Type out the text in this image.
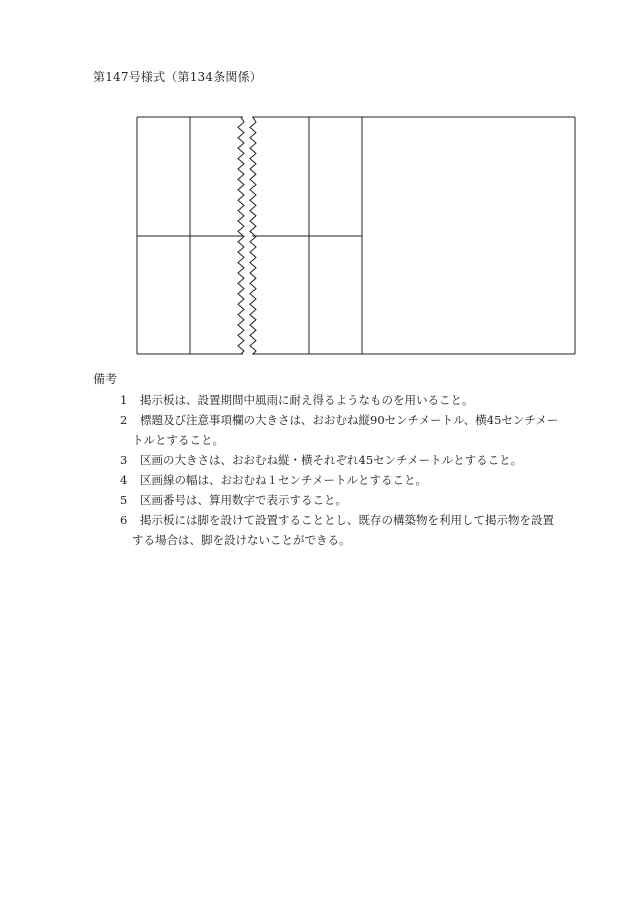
第147号様式（第134条関係）
備考
1	掲示板は、設置期間中風雨に耐え得るようなものを用いること。
2	標題及び注意事項欄の大きさは、おおむね縦90センチメートル、横45センチメー
トルとすること。
3	区画の大きさは、おおむね縦・横それぞれ45センチメートルとすること。
4	区画線の幅は、おおむね１センチメートルとすること。
5	区画番号は、算用数字で表示すること。
6	掲示板には脚を設けて設置することとし、既存の構築物を利用して掲示物を設置
する場合は、脚を設けないことができる。
